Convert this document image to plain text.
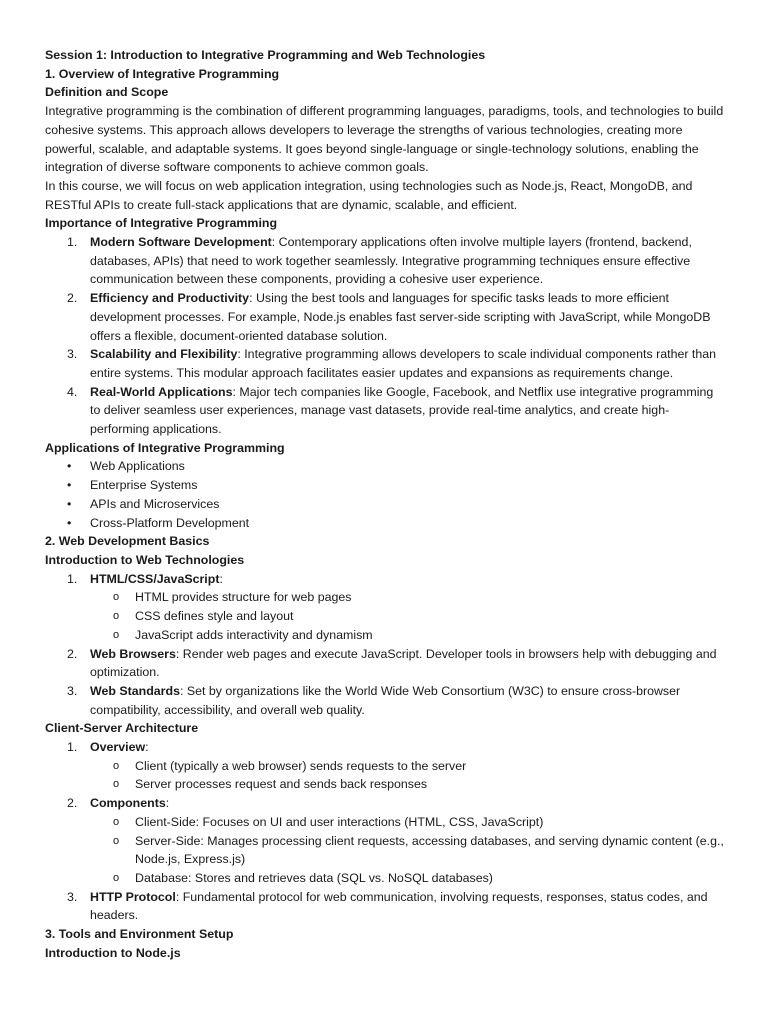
Session 1: Introduction to Integrative Programming and Web Technologies
1. Overview of Integrative Programming
Definition and Scope

Integrative programming is the combination of different programming languages, paradigms, tools, and technologies to build cohesive systems. This approach allows developers to leverage the strengths of various technologies, creating more powerful, scalable, and adaptable systems. It goes beyond single-language or single-technology solutions, enabling the integration of diverse software components to achieve common goals.

In this course, we will focus on web application integration, using technologies such as Node.js, React, MongoDB, and RESTful APIs to create full-stack applications that are dynamic, scalable, and efficient.

Importance of Integrative Programming
1.	Modern Software Development: Contemporary applications often involve multiple layers (frontend, backend, databases, APIs) that need to work together seamlessly. Integrative programming techniques ensure effective communication between these components, providing a cohesive user experience.
2.	Efficiency and Productivity: Using the best tools and languages for specific tasks leads to more efficient development processes. For example, Node.js enables fast server-side scripting with JavaScript, while MongoDB offers a flexible, document-oriented database solution.
3.	Scalability and Flexibility: Integrative programming allows developers to scale individual components rather than entire systems. This modular approach facilitates easier updates and expansions as requirements change.
4.	Real-World Applications: Major tech companies like Google, Facebook, and Netflix use integrative programming to deliver seamless user experiences, manage vast datasets, provide real-time analytics, and create high-performing applications.
Applications of Integrative Programming
•	Web Applications
•	Enterprise Systems
•	APIs and Microservices
•	Cross-Platform Development
2. Web Development Basics
Introduction to Web Technologies
1.	HTML/CSS/JavaScript:
o HTML provides structure for web pages
o CSS defines style and layout
o JavaScript adds interactivity and dynamism
2.	Web Browsers: Render web pages and execute JavaScript. Developer tools in browsers help with debugging and optimization.
3.	Web Standards: Set by organizations like the World Wide Web Consortium (W3C) to ensure cross-browser compatibility, accessibility, and overall web quality.
Client-Server Architecture
1.	Overview:
o Client (typically a web browser) sends requests to the server
o Server processes request and sends back responses
2.	Components:
o Client-Side: Focuses on UI and user interactions (HTML, CSS, JavaScript)
o Server-Side: Manages processing client requests, accessing databases, and serving dynamic content (e.g., Node.js, Express.js)
o Database: Stores and retrieves data (SQL vs. NoSQL databases)
3.	HTTP Protocol: Fundamental protocol for web communication, involving requests, responses, status codes, and headers.
3. Tools and Environment Setup
Introduction to Node.js
